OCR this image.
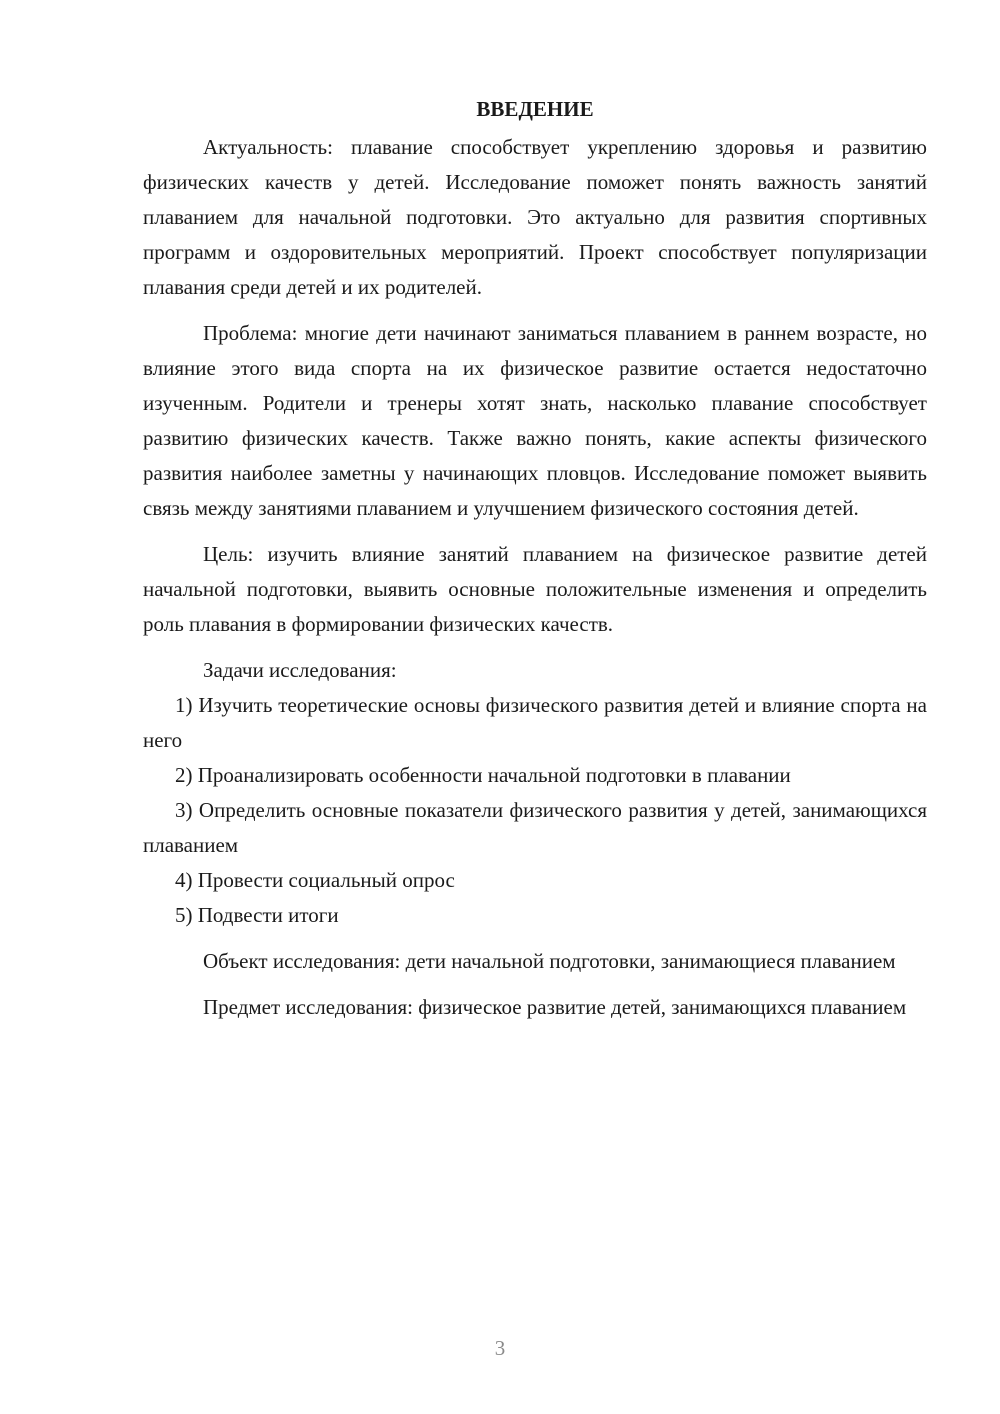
ВВЕДЕНИЕ

Актуальность: плавание способствует укреплению здоровья и развитию физических качеств у детей. Исследование поможет понять важность занятий плаванием для начальной подготовки. Это актуально для развития спортивных программ и оздоровительных мероприятий. Проект способствует популяризации плавания среди детей и их родителей.

Проблема: многие дети начинают заниматься плаванием в раннем возрасте, но влияние этого вида спорта на их физическое развитие остается недостаточно изученным. Родители и тренеры хотят знать, насколько плавание способствует развитию физических качеств. Также важно понять, какие аспекты физического развития наиболее заметны у начинающих пловцов. Исследование поможет выявить связь между занятиями плаванием и улучшением физического состояния детей.

Цель: изучить влияние занятий плаванием на физическое развитие детей начальной подготовки, выявить основные положительные изменения и определить роль плавания в формировании физических качеств.

Задачи исследования:

1) Изучить теоретические основы физического развития детей и влияние спорта на него

2) Проанализировать особенности начальной подготовки в плавании

3) Определить основные показатели физического развития у детей, занимающихся плаванием

4) Провести социальный опрос

5) Подвести итоги

Объект исследования: дети начальной подготовки, занимающиеся плаванием

Предмет исследования: физическое развитие детей, занимающихся плаванием

3
